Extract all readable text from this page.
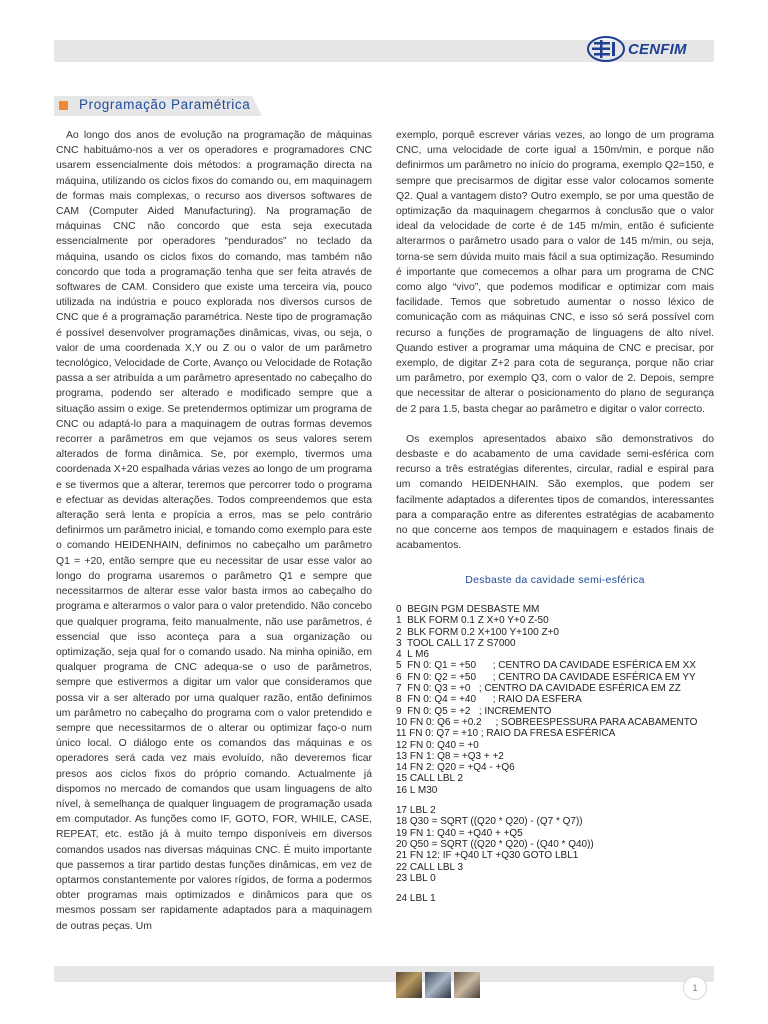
CENFIM
Programação Paramétrica

Ao longo dos anos de evolução na programação de máquinas CNC habituámo-nos a ver os operadores e programadores CNC usarem essencialmente dois métodos: a programação directa na máquina, utilizando os ciclos fixos do comando ou, em maquinagem de formas mais complexas, o recurso aos diversos softwares de CAM (Computer Aided Manufacturing). Na programação de máquinas CNC não concordo que esta seja executada essencialmente por operadores “pendurados” no teclado da máquina, usando os ciclos fixos do comando, mas também não concordo que toda a programação tenha que ser feita através de softwares de CAM. Considero que existe uma terceira via, pouco utilizada na indústria e pouco explorada nos diversos cursos de CNC que é a programação paramétrica. Neste tipo de programação é possível desenvolver programações dinâmicas, vivas, ou seja, o valor de uma coordenada X,Y ou Z ou o valor de um parâmetro tecnológico, Velocidade de Corte, Avanço ou Velocidade de Rotação passa a ser atribuída a um parâmetro apresentado no cabeçalho do programa, podendo ser alterado e modificado sempre que a situação assim o exige. Se pretendermos optimizar um programa de CNC ou adaptá-lo para a maquinagem de outras formas devemos recorrer a parâmetros em que vejamos os seus valores serem alterados de forma dinâmica. Se, por exemplo, tivermos uma coordenada X+20 espalhada várias vezes ao longo de um programa e se tivermos que a alterar, teremos que percorrer todo o programa e efectuar as devidas alterações. Todos compreendemos que esta alteração será lenta e propícia a erros, mas se pelo contrário definirmos um parâmetro inicial, e tomando como exemplo para este o comando HEIDENHAIN, definimos no cabeçalho um parâmetro Q1 = +20, então sempre que eu necessitar de usar esse valor ao longo do programa usaremos o parâmetro Q1 e sempre que necessitarmos de alterar esse valor basta irmos ao cabeçalho do programa e alterarmos o valor para o valor pretendido. Não concebo que qualquer programa, feito manualmente, não use parâmetros, é essencial que isso aconteça para a sua organização ou optimização, seja qual for o comando usado. Na minha opinião, em qualquer programa de CNC adequa-se o uso de parâmetros, sempre que estivermos a digitar um valor que consideramos que possa vir a ser alterado por uma qualquer razão, então definimos um parâmetro no cabeçalho do programa com o valor pretendido e sempre que necessitarmos de o alterar ou optimizar faço-o num único local. O diálogo ente os comandos das máquinas e os operadores será cada vez mais evoluído, não deveremos ficar presos aos ciclos fixos do próprio comando. Actualmente já dispomos no mercado de comandos que usam linguagens de alto nível, à semelhança de qualquer linguagem de programação usada em computador. As funções como IF, GOTO, FOR, WHILE, CASE, REPEAT, etc. estão já à muito tempo disponíveis em diversos comandos usados nas diversas máquinas CNC. É muito importante que passemos a tirar partido destas funções dinâmicas, em vez de optarmos constantemente por valores rígidos, de forma a podermos obter programas mais optimizados e dinâmicos para que os mesmos possam ser rapidamente adaptados para a maquinagem de outras peças. Um

exemplo, porquê escrever várias vezes, ao longo de um programa CNC, uma velocidade de corte igual a 150m/min, e porque não definirmos um parâmetro no início do programa, exemplo Q2=150, e sempre que precisarmos de digitar esse valor colocamos somente Q2. Qual a vantagem disto? Outro exemplo, se por uma questão de optimização da maquinagem chegarmos à conclusão que o valor ideal da velocidade de corte é de 145 m/min, então é suficiente alterarmos o parâmetro usado para o valor de 145 m/min, ou seja, torna-se sem dúvida muito mais fácil a sua optimização. Resumindo é importante que comecemos a olhar para um programa de CNC como algo “vivo”, que podemos modificar e optimizar com mais facilidade. Temos que sobretudo aumentar o nosso léxico de comunicação com as máquinas CNC, e isso só será possível com recurso a funções de programação de linguagens de alto nível. Quando estiver a programar uma máquina de CNC e precisar, por exemplo, de digitar Z+2 para cota de segurança, porque não criar um parâmetro, por exemplo Q3, com o valor de 2. Depois, sempre que necessitar de alterar o posicionamento do plano de segurança de 2 para 1.5, basta chegar ao parâmetro e digitar o valor correcto.

Os exemplos apresentados abaixo são demonstrativos do desbaste e do acabamento de uma cavidade semi-esférica com recurso a três estratégias diferentes, circular, radial e espiral para um comando HEIDENHAIN. São exemplos, que podem ser facilmente adaptados a diferentes tipos de comandos, interessantes para a comparação entre as diferentes estratégias de acabamento no que concerne aos tempos de maquinagem e estados finais de acabamentos.

Desbaste da cavidade semi-esférica
0  BEGIN PGM DESBASTE MM
1  BLK FORM 0.1 Z X+0 Y+0 Z-50
2  BLK FORM 0.2 X+100 Y+100 Z+0
3  TOOL CALL 17 Z S7000
4  L M6
5  FN 0: Q1 = +50      ; CENTRO DA CAVIDADE ESFÉRICA EM XX
6  FN 0: Q2 = +50      ; CENTRO DA CAVIDADE ESFÉRICA EM YY
7  FN 0: Q3 = +0   ; CENTRO DA CAVIDADE ESFÉRICA EM ZZ
8  FN 0: Q4 = +40      ; RAIO DA ESFERA
9  FN 0: Q5 = +2   ; INCREMENTO
10 FN 0: Q6 = +0.2     ; SOBREESPESSURA PARA ACABAMENTO
11 FN 0: Q7 = +10 ; RAIO DA FRESA ESFÉRICA
12 FN 0: Q40 = +0
13 FN 1: Q8 = +Q3 + +2
14 FN 2: Q20 = +Q4 - +Q6
15 CALL LBL 2
16 L M30
17 LBL 2
18 Q30 = SQRT ((Q20 * Q20) - (Q7 * Q7))
19 FN 1: Q40 = +Q40 + +Q5
20 Q50 = SQRT ((Q20 * Q20) - (Q40 * Q40))
21 FN 12: IF +Q40 LT +Q30 GOTO LBL1
22 CALL LBL 3
23 LBL 0
24 LBL 1
1
